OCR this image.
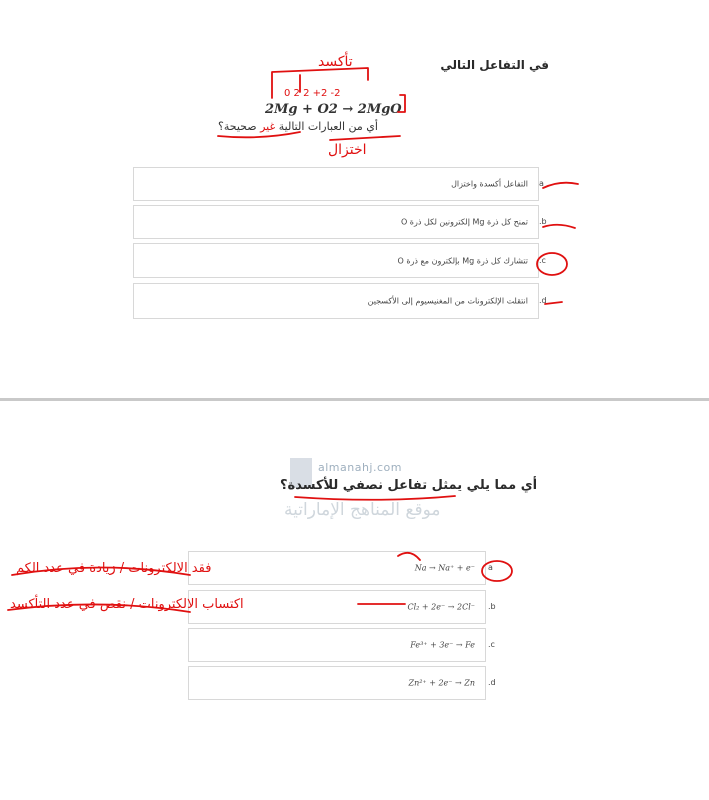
في التفاعل التالي
2Mg + O2 → 2MgO
أي من العبارات التالية غير صحيحة؟
التفاعل أكسدة واختزال a
تمنح كل ذرة Mg إلكترونين لكل ذرة O .b
تتشارك كل ذرة Mg بإلكترون مع ذرة O .c
انتقلت الإلكترونات من المغنيسيوم إلى الأكسجين .d
almanahj.com
أي مما يلي يمثل تفاعل نصفي للأكسدة؟
موقع المناهج الإماراتية
Na → Na⁺ + e⁻ a
Cl₂ + 2e⁻ → 2Cl⁻ .b
Fe³⁺ + 3e⁻ → Fe .c
Zn²⁺ + 2e⁻ → Zn .d
تأكسد
0 2 2 +2 -2
اختزال
فقد الالكترونات / زيادة في عدد الكم
اكتساب الالكترونات / نقص في عدد التأكسد
